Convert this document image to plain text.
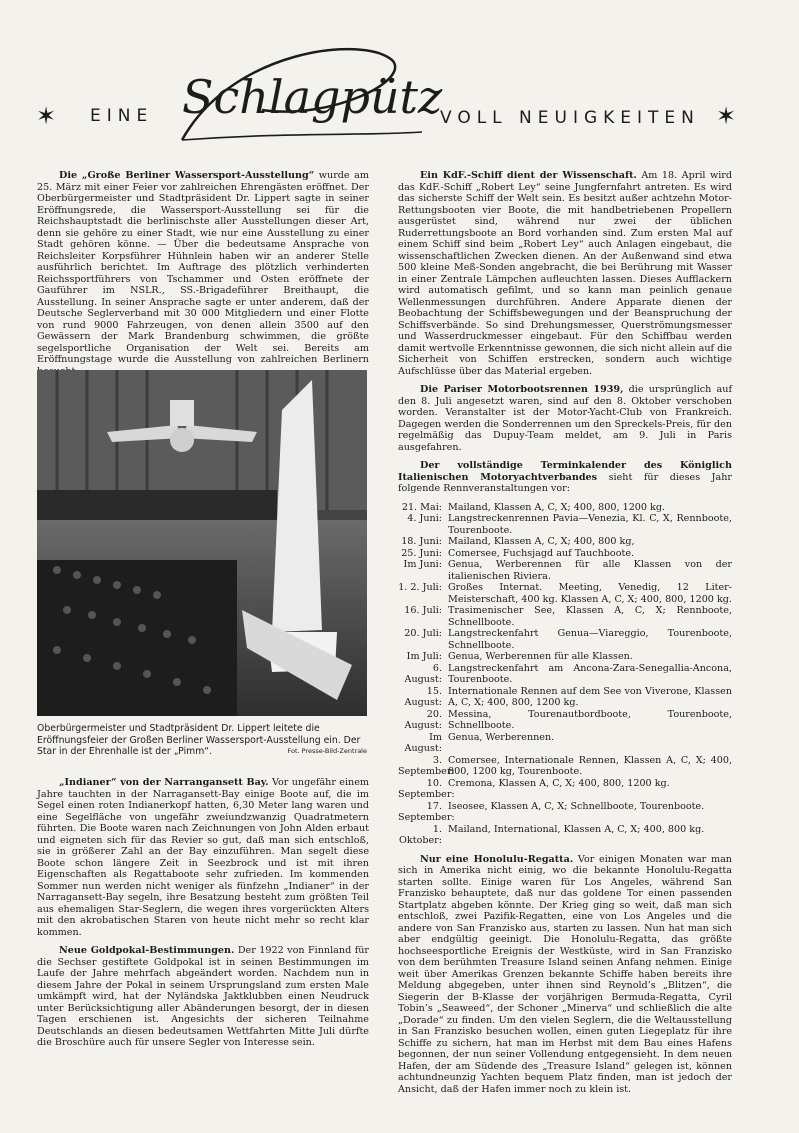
✶ EINE Schlagpütz
VOLL NEUIGKEITEN ✶

Die „Große Berliner Wassersport-Ausstellung“ wurde am 25. März mit einer Feier vor zahlreichen Ehrengästen eröffnet. Der Oberbürgermeister und Stadtpräsident Dr. Lippert sagte in seiner Eröffnungsrede, die Wassersport-Ausstellung sei für die Reichshauptstadt die berlinischste aller Ausstellungen dieser Art, denn sie gehöre zu einer Stadt, wie nur eine Ausstellung zu einer Stadt gehören könne. — Über die bedeutsame Ansprache von Reichsleiter Korpsführer Hühnlein haben wir an anderer Stelle ausführlich berichtet. Im Auftrage des plötzlich verhinderten Reichssportführers von Tschammer und Osten eröffnete der Gauführer im NSLR., SS.-Brigadeführer Breithaupt, die Ausstellung. In seiner Ansprache sagte er unter anderem, daß der Deutsche Seglerverband mit 30 000 Mitgliedern und einer Flotte von rund 9000 Fahrzeugen, von denen allein 3500 auf den Gewässern der Mark Brandenburg schwimmen, die größte segelsportliche Organisation der Welt sei. Bereits am Eröffnungstage wurde die Ausstellung von zahlreichen Berlinern

Oberbürgermeister und Stadtpräsident Dr. Lippert leitete die Eröffnungsfeier der Großen Berliner Wassersport-Ausstellung ein. Der Star in der Ehrenhalle ist der „Pimm“.	Fot. Presse-Bild-Zentrale

„Indianer“ von der Narrangansett Bay. Vor ungefähr einem Jahre tauchten in der Narragansett-Bay einige Boote auf, die im Segel einen roten Indianerkopf hatten, 6,30 Meter lang waren und eine Segelfläche von ungefähr zweiundzwanzig Quadratmetern führten. Die Boote waren nach Zeichnungen von John Alden erbaut und eigneten sich für das Revier so gut, daß man sich entschloß, sie in größerer Zahl an der Bay einzuführen. Man segelt diese Boote schon längere Zeit in Seezbrock und ist mit ihren Eigenschaften als Regattaboote sehr zufrieden. Im kommenden Sommer nun werden nicht weniger als fünfzehn „Indianer“ in der Narragansett-Bay segeln, ihre Besatzung besteht zum größten Teil aus ehemaligen Star-Seglern, die wegen ihres vorgerückten Alters mit den akrobatischen Staren von heute nicht mehr so recht klar kommen.

Neue Goldpokal-Bestimmungen. Der 1922 von Finnland für die Sechser gestiftete Goldpokal ist in seinen Bestimmungen im Laufe der Jahre mehrfach abgeändert worden. Nachdem nun in diesem Jahre der Pokal in seinem Ursprungsland zum ersten Male umkämpft wird, hat der Nyländska Jaktklubben einen Neudruck unter Berücksichtigung aller Abänderungen besorgt, der in diesen Tagen erschienen ist. Angesichts der sicheren Teilnahme Deutschlands an diesen bedeutsamen Wettfahrten Mitte Juli dürfte die Broschüre auch für unsere Segler von Interesse sein.

Ein KdF.-Schiff dient der Wissenschaft. Am 18. April wird das KdF.-Schiff „Robert Ley“ seine Jungfernfahrt antreten. Es wird das sicherste Schiff der Welt sein. Es besitzt außer achtzehn Motor-Rettungsbooten vier Boote, die mit handbetriebenen Propellern ausgerüstet sind, während nur zwei der üblichen Ruderrettungsboote an Bord vorhanden sind. Zum ersten Mal auf einem Schiff sind beim „Robert Ley“ auch Anlagen eingebaut, die wissenschaftlichen Zwecken dienen. An der Außenwand sind etwa 500 kleine Meß-Sonden angebracht, die bei Berührung mit Wasser in einer Zentrale Lämpchen aufleuchten lassen. Dieses Aufflackern wird automatisch gefilmt, und so kann man peinlich genaue Wellenmessungen durchführen. Andere Apparate dienen der Beobachtung der Schiffsbewegungen und der Beanspruchung der Schiffsverbände. So sind Drehungsmesser, Querströmungsmesser und Wasserdruckmesser eingebaut. Für den Schiffbau werden damit wertvolle Erkenntnisse gewonnen, die sich nicht allein auf die Sicherheit von Schiffen erstrecken, sondern auch wichtige Aufschlüsse über das Material ergeben.

Die Pariser Motorbootsrennen 1939, die ursprünglich auf den 8. Juli angesetzt waren, sind auf den 8. Oktober verschoben worden. Veranstalter ist der Motor-Yacht-Club von Frankreich. Dagegen werden die Sonderrennen um den Spreckels-Preis, für den regelmäßig das Dupuy-Team meldet, am 9. Juli in Paris ausgefahren.

Der vollständige Terminkalender des Königlich Italienischen Motoryachtverbandes sieht für dieses Jahr folgende Rennveranstaltungen vor:

21. Mai: Mailand, Klassen A, C, X; 400, 800, 1200 kg.
4. Juni: Langstreckenrennen Pavia—Venezia, Kl. C, X, Rennboote, Tourenboote.
18. Juni: Mailand, Klassen A, C, X; 400, 800 kg,
25. Juni: Comersee, Fuchsjagd auf Tauchboote.
Im Juni: Genua, Werberennen für alle Klassen von der italienischen Riviera.
1. 2. Juli: Großes Internat. Meeting, Venedig, 12 Liter-Meisterschaft, 400 kg. Klassen A, C, X; 400, 800, 1200 kg.
16. Juli: Trasimenischer See, Klassen A, C, X; Rennboote, Schnellboote.
20. Juli: Langstreckenfahrt Genua—Viareggio, Tourenboote, Schnellboote.
Im Juli: Genua, Werberennen für alle Klassen.
6. August:
Langstreckenfahrt am Ancona-Zara-Senegallia-Ancona, Tourenboote.
15. August:
Internationale Rennen auf dem See von Viverone, Klassen A, C, X; 400, 800, 1200 kg.
20. August:
Messina, Tourenautbordboote, Tourenboote, Schnellboote.
Im August:
Genua, Werberennen.
3. September:
Comersee, Internationale Rennen, Klassen A, C, X; 400, 800, 1200 kg, Tourenboote.
10. September:
Cremona, Klassen A, C, X; 400, 800, 1200 kg.
17. September:
Iseosee, Klassen A, C, X; Schnellboote, Tourenboote.
1. Oktober:
Mailand, International, Klassen A, C, X; 400, 800 kg.

Nur eine Honolulu-Regatta. Vor einigen Monaten war man sich in Amerika nicht einig, wo die bekannte Honolulu-Regatta starten sollte. Einige waren für Los Angeles, während San Franzisko behauptete, daß nur das goldene Tor einen passenden Startplatz abgeben könnte. Der Krieg ging so weit, daß man sich entschloß, zwei Pazifik-Regatten, eine von Los Angeles und die andere von San Franzisko aus, starten zu lassen. Nun hat man sich aber endgültig geeinigt. Die Honolulu-Regatta, das größte hochseesportliche Ereignis der Westküste, wird in San Franzisko von dem berühmten Treasure Island seinen Anfang nehmen. Einige weit über Amerikas Grenzen bekannte Schiffe haben bereits ihre Meldung abgegeben, unter ihnen sind Reynold’s „Blitzen“, die Siegerin der B-Klasse der vorjährigen Bermuda-Regatta, Cyril Tobin’s „Seaweed“, der Schoner „Minerva“ und schließlich die alte „Dorade“ zu finden. Um den vielen Seglern, die die Weltausstellung in San Franzisko besuchen wollen, einen guten Liegeplatz für ihre Schiffe zu sichern, hat man im Herbst mit dem Bau eines Hafens begonnen, der nun seiner Vollendung entgegensieht. In dem neuen Hafen, der am Südende des „Treasure Island“ gelegen ist, können achtundneunzig Yachten bequem Platz finden, man ist jedoch der Ansicht, daß der Hafen immer noch zu klein ist.
